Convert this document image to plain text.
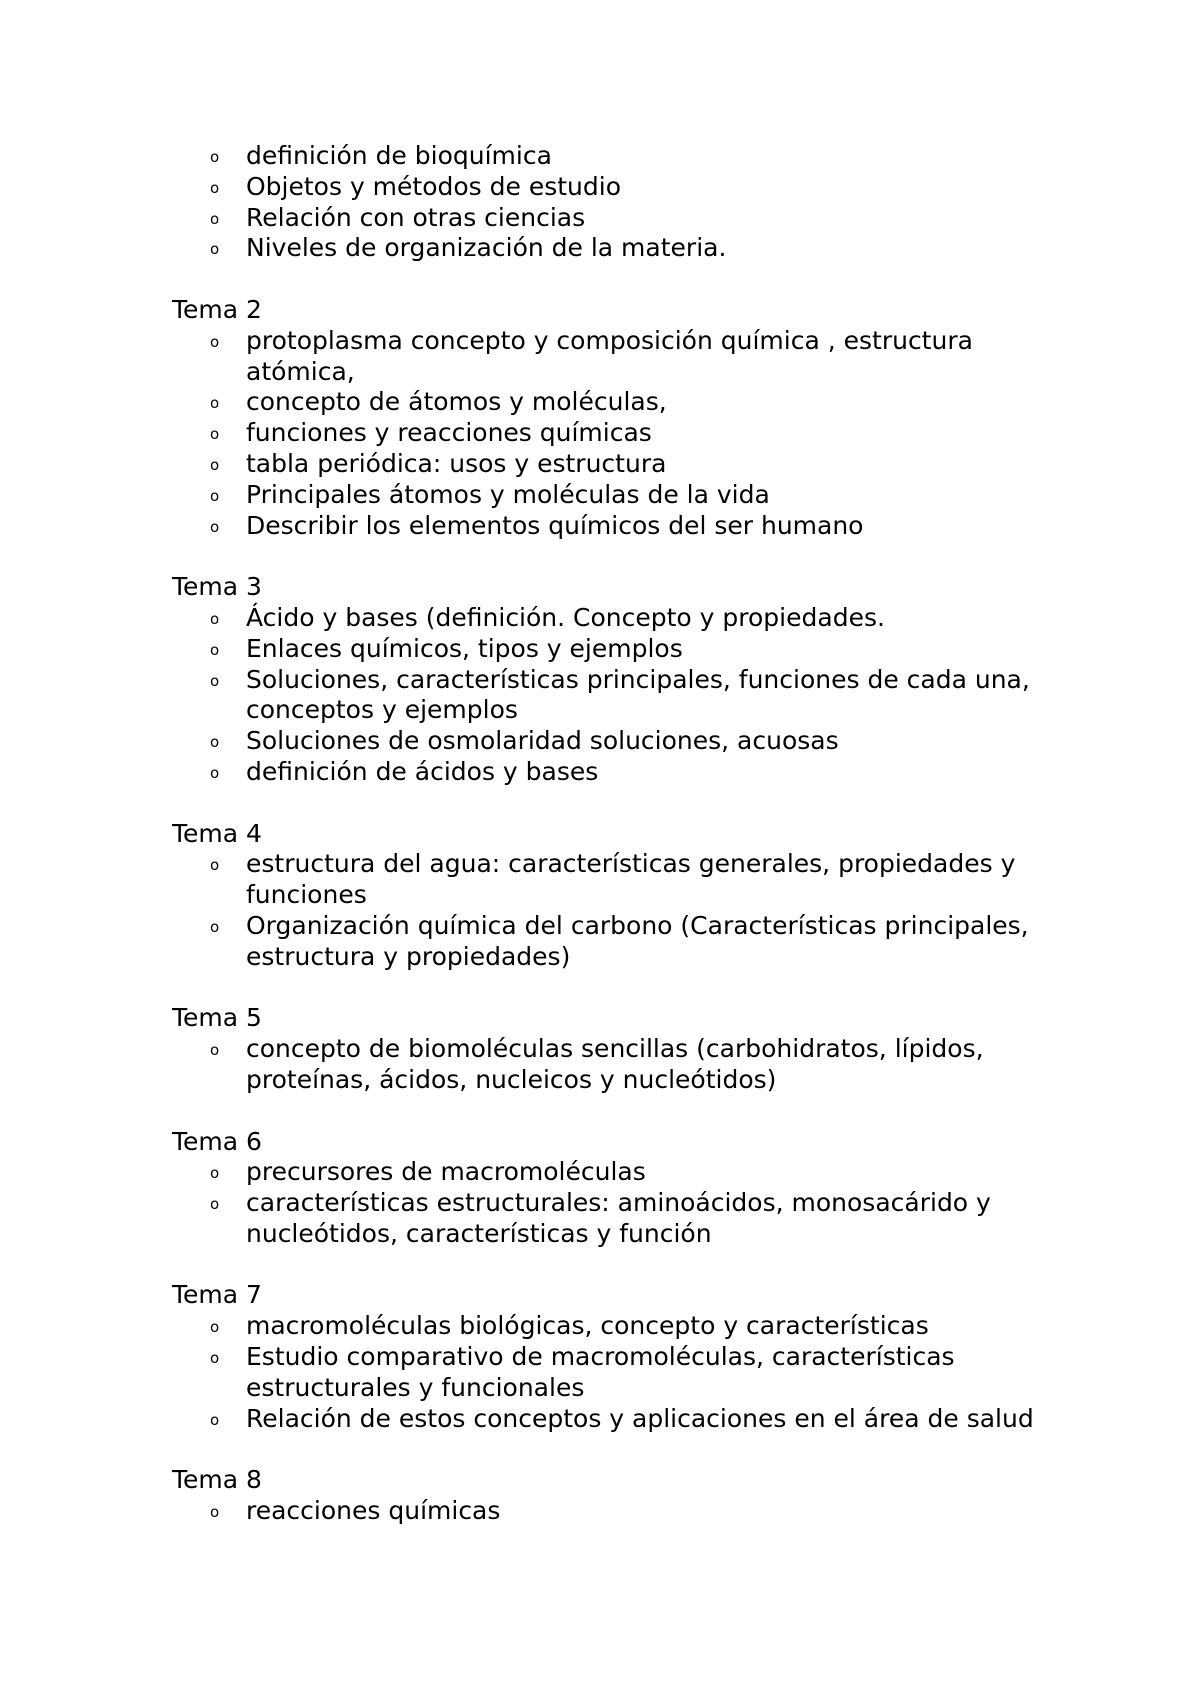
o definición de bioquímica
o Objetos y métodos de estudio
o Relación con otras ciencias
o Niveles de organización de la materia.
Tema 2
o protoplasma concepto y composición química , estructura atómica,
o concepto de átomos y moléculas,
o funciones y reacciones químicas
o tabla periódica: usos y estructura
o Principales átomos y moléculas de la vida
o Describir los elementos químicos del ser humano
Tema 3
o Ácido y bases (definición. Concepto y propiedades.
o Enlaces químicos, tipos y ejemplos
o Soluciones, características principales, funciones de cada una, conceptos y ejemplos
o Soluciones de osmolaridad soluciones, acuosas
o definición de ácidos y bases
Tema 4
o estructura del agua: características generales, propiedades y funciones
o Organización química del carbono (Características principales, estructura y propiedades)
Tema 5
o concepto de biomoléculas sencillas (carbohidratos, lípidos, proteínas, ácidos, nucleicos y nucleótidos)
Tema 6
o precursores de macromoléculas
o características estructurales: aminoácidos, monosacárido y nucleótidos, características y función
Tema 7
o macromoléculas biológicas, concepto y características
o Estudio comparativo de macromoléculas, características estructurales y funcionales
o Relación de estos conceptos y aplicaciones en el área de salud
Tema 8
o reacciones químicas
